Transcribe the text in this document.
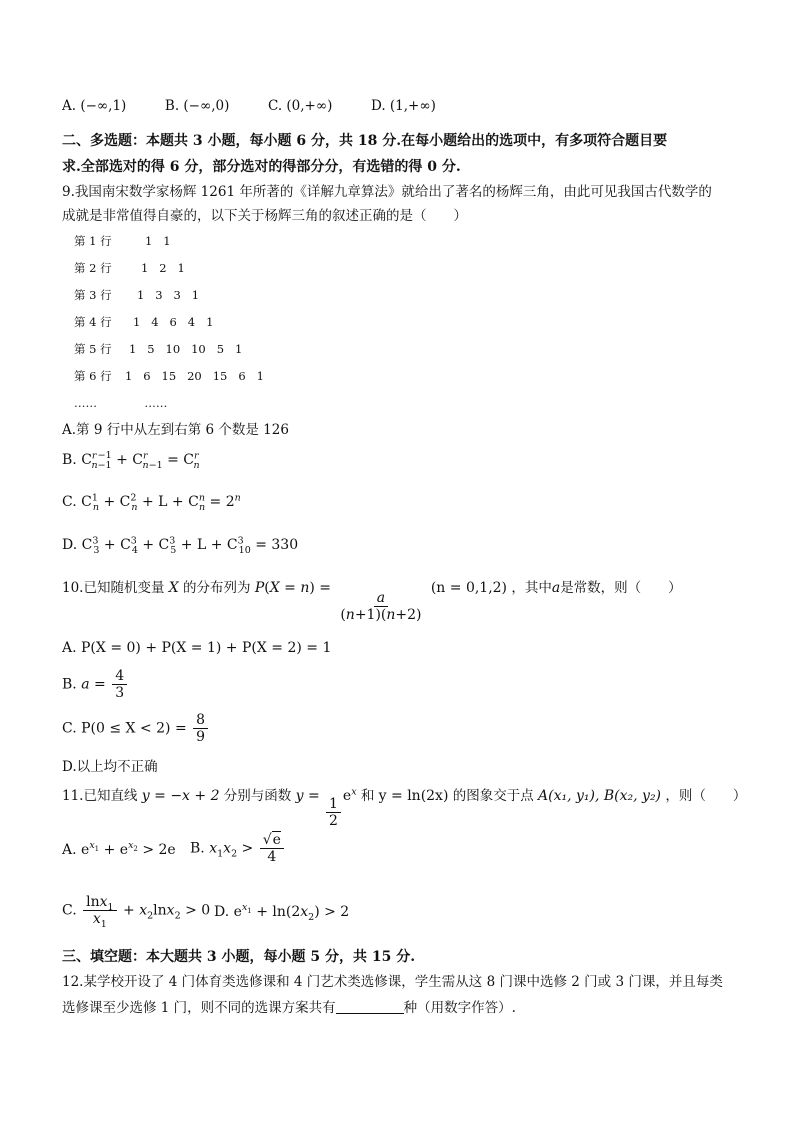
A. (−∞,1)	B. (−∞,0)	C. (0,+∞)	D. (1,+∞)
二、多选题：本题共 3 小题，每小题 6 分，共 18 分.在每小题给出的选项中，有多项符合题目要
求.全部选对的得 6 分，部分选对的得部分分，有选错的得 0 分.
9.我国南宋数学家杨辉 1261 年所著的《详解九章算法》就给出了著名的杨辉三角，由此可见我国古代数学的
成就是非常值得自豪的，以下关于杨辉三角的叙述正确的是（　　）
第 1 行	1   1
第 2 行	1   2   1
第 3 行 1   3   3   1
第 4 行 1   4   6   4   1
第 5 行 1   5   10   10   5   1
第 6 行 1   6   15   20   15   6   1
……	……
A.第 9 行中从左到右第 6 个数是 126
B. $C^r_{n-1}^{-1} + C^r_{n-1} = C^r_n$
C. $C^1_n + C^2_n + L + C^n_n = 2^n$
D. $C^3_3 + C^3_4 + C^3_5 + L + C^3_{10} = 330$
10.已知随机变量 X 的分布列为 P(X = n) =
$\frac{a}{(n+1)(n+2)}$
(n = 0,1,2) ，其中a是常数，则（　　）
A. P(X = 0) + P(X = 1) + P(X = 2) = 1
B. $a = \frac{4}{3}$
C. $P(0 \le X < 2) = \frac{8}{9}$
D.以上均不正确
11.已知直线 y = −x + 2 分别与函数 $y = \frac{1}{2} e^x$ 和 y = ln(2x) 的图象交于点 A(x₁, y₁), B(x₂, y₂) ，则（　　）
A. $e^{x_1} + e^{x_2} > 2e$ B. $x_1x_2 > \frac{√e}{4}$
C. $\frac{\ln x_1}{x_1} + x_2\ln x_2 > 0$ D. $e^{x_1} + \ln(2x_2) > 2$
三、填空题：本大题共 3 小题，每小题 5 分，共 15 分.
12.某学校开设了 4 门体育类选修课和 4 门艺术类选修课，学生需从这 8 门课中选修 2 门或 3 门课，并且每类
选修课至少选修 1 门，则不同的选课方案共有	种（用数字作答）.
